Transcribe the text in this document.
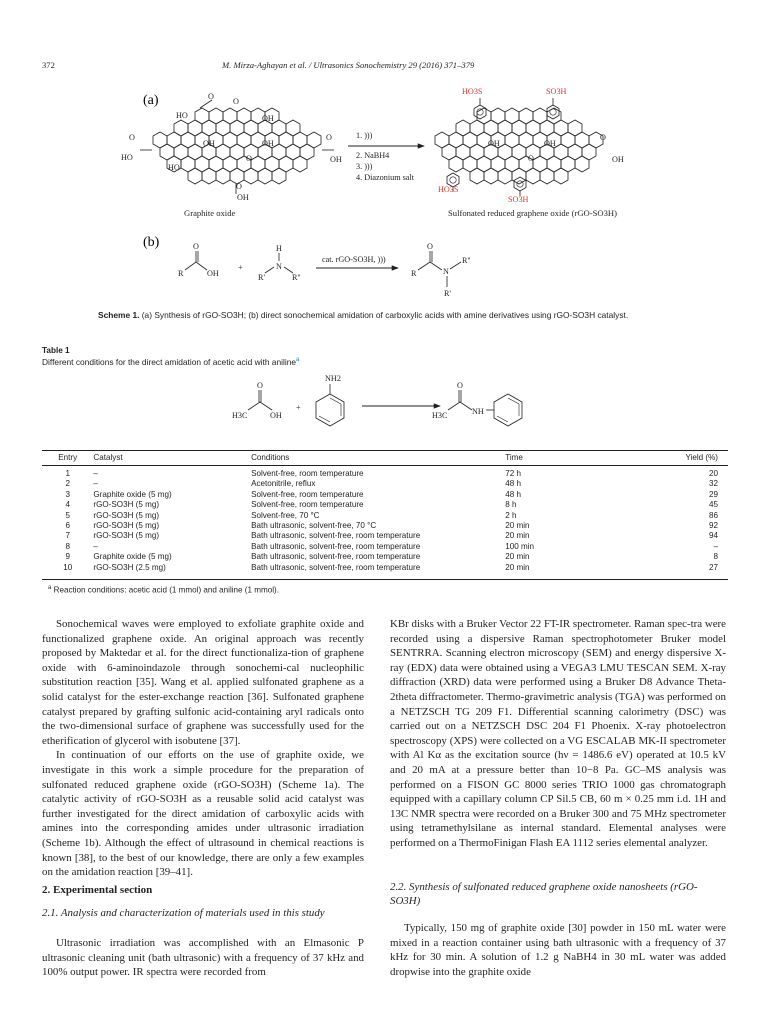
372	M. Mirza-Aghayan et al. / Ultrasonics Sonochemistry 29 (2016) 371–379
(a)
HO
O
O
OH
OH
O
HO
HO
OH
O
O
OH
O
OH
Graphite oxide
1. )))
2. NaBH4
3. )))
4. Diazonium salt
HO3S	SO3H
HO3S
SO3H
O
OH
OH	OH
O
Sulfonated reduced graphene oxide (rGO-SO3H)
(b)	O
R	OH
+
H
N
R'	R''
cat. rGO-SO3H, )))
O
R	N
R''
R'
Scheme 1. (a) Synthesis of rGO-SO3H; (b) direct sonochemical amidation of carboxylic acids with amine derivatives using rGO-SO3H catalyst.
Table 1
Different conditions for the direct amidation of acetic acid with aniline$^a$
O
H3C	OH
+
NH2
O
H3C	NH
Entry	Catalyst	Conditions	Time	Yield (%)
1	–	Solvent-free, room temperature	72 h	20
2	–	Acetonitrile, reflux	48 h	32
3	Graphite oxide (5 mg)	Solvent-free, room temperature	48 h	29
4	rGO-SO3H (5 mg)	Solvent-free, room temperature	8 h	45
5	rGO-SO3H (5 mg)	Solvent-free, 70 °C	2 h	86
6	rGO-SO3H (5 mg)	Bath ultrasonic, solvent-free, 70 °C	20 min	92
7	rGO-SO3H (5 mg)	Bath ultrasonic, solvent-free, room temperature	20 min	94
8	–	Bath ultrasonic, solvent-free, room temperature	100 min	–
9	Graphite oxide (5 mg)	Bath ultrasonic, solvent-free, room temperature	20 min	8
10	rGO-SO3H (2.5 mg)	Bath ultrasonic, solvent-free, room temperature	20 min	27
$^a$ Reaction conditions: acetic acid (1 mmol) and aniline (1 mmol).

Sonochemical waves were employed to exfoliate graphite oxide and functionalized graphene oxide. An original approach was recently proposed by Maktedar et al. for the direct functionaliza-tion of graphene oxide with 6-aminoindazole through sonochemi-cal nucleophilic substitution reaction [35]. Wang et al. applied sulfonated graphene as a solid catalyst for the ester-exchange reaction [36]. Sulfonated graphene catalyst prepared by grafting sulfonic acid-containing aryl radicals onto the two-dimensional surface of graphene was successfully used for the etherification of glycerol with isobutene [37].

In continuation of our efforts on the use of graphite oxide, we investigate in this work a simple procedure for the preparation of sulfonated reduced graphene oxide (rGO-SO3H) (Scheme 1a). The catalytic activity of rGO-SO3H as a reusable solid acid catalyst was further investigated for the direct amidation of carboxylic acids with amines into the corresponding amides under ultrasonic irradiation (Scheme 1b). Although the effect of ultrasound in chemical reactions is known [38], to the best of our knowledge, there are only a few examples on the amidation reaction [39–41].

2. Experimental section
2.1. Analysis and characterization of materials used in this study

Ultrasonic irradiation was accomplished with an Elmasonic P ultrasonic cleaning unit (bath ultrasonic) with a frequency of 37 kHz and 100% output power. IR spectra were recorded from

KBr disks with a Bruker Vector 22 FT-IR spectrometer. Raman spec-tra were recorded using a dispersive Raman spectrophotometer Bruker model SENTRRA. Scanning electron microscopy (SEM) and energy dispersive X-ray (EDX) data were obtained using a VEGA3 LMU TESCAN SEM. X-ray diffraction (XRD) data were performed using a Bruker D8 Advance Theta-2theta diffractometer. Thermo-gravimetric analysis (TGA) was performed on a NETZSCH TG 209 F1. Differential scanning calorimetry (DSC) was carried out on a NETZSCH DSC 204 F1 Phoenix. X-ray photoelectron spectroscopy (XPS) were collected on a VG ESCALAB MK-II spectrometer with Al Kα as the excitation source (hν = 1486.6 eV) operated at 10.5 kV and 20 mA at a pressure better than 10−8 Pa. GC–MS analysis was performed on a FISON GC 8000 series TRIO 1000 gas chromatograph equipped with a capillary column CP Sil.5 CB, 60 m × 0.25 mm i.d. 1H and 13C NMR spectra were recorded on a Bruker 300 and 75 MHz spectrometer using tetramethylsilane as internal standard. Elemental analyses were performed on a ThermoFinigan Flash EA 1112 series elemental analyzer.

2.2. Synthesis of sulfonated reduced graphene oxide nanosheets (rGO-SO3H)

Typically, 150 mg of graphite oxide [30] powder in 150 mL water were mixed in a reaction container using bath ultrasonic with a frequency of 37 kHz for 30 min. A solution of 1.2 g NaBH4 in 30 mL water was added dropwise into the graphite oxide
